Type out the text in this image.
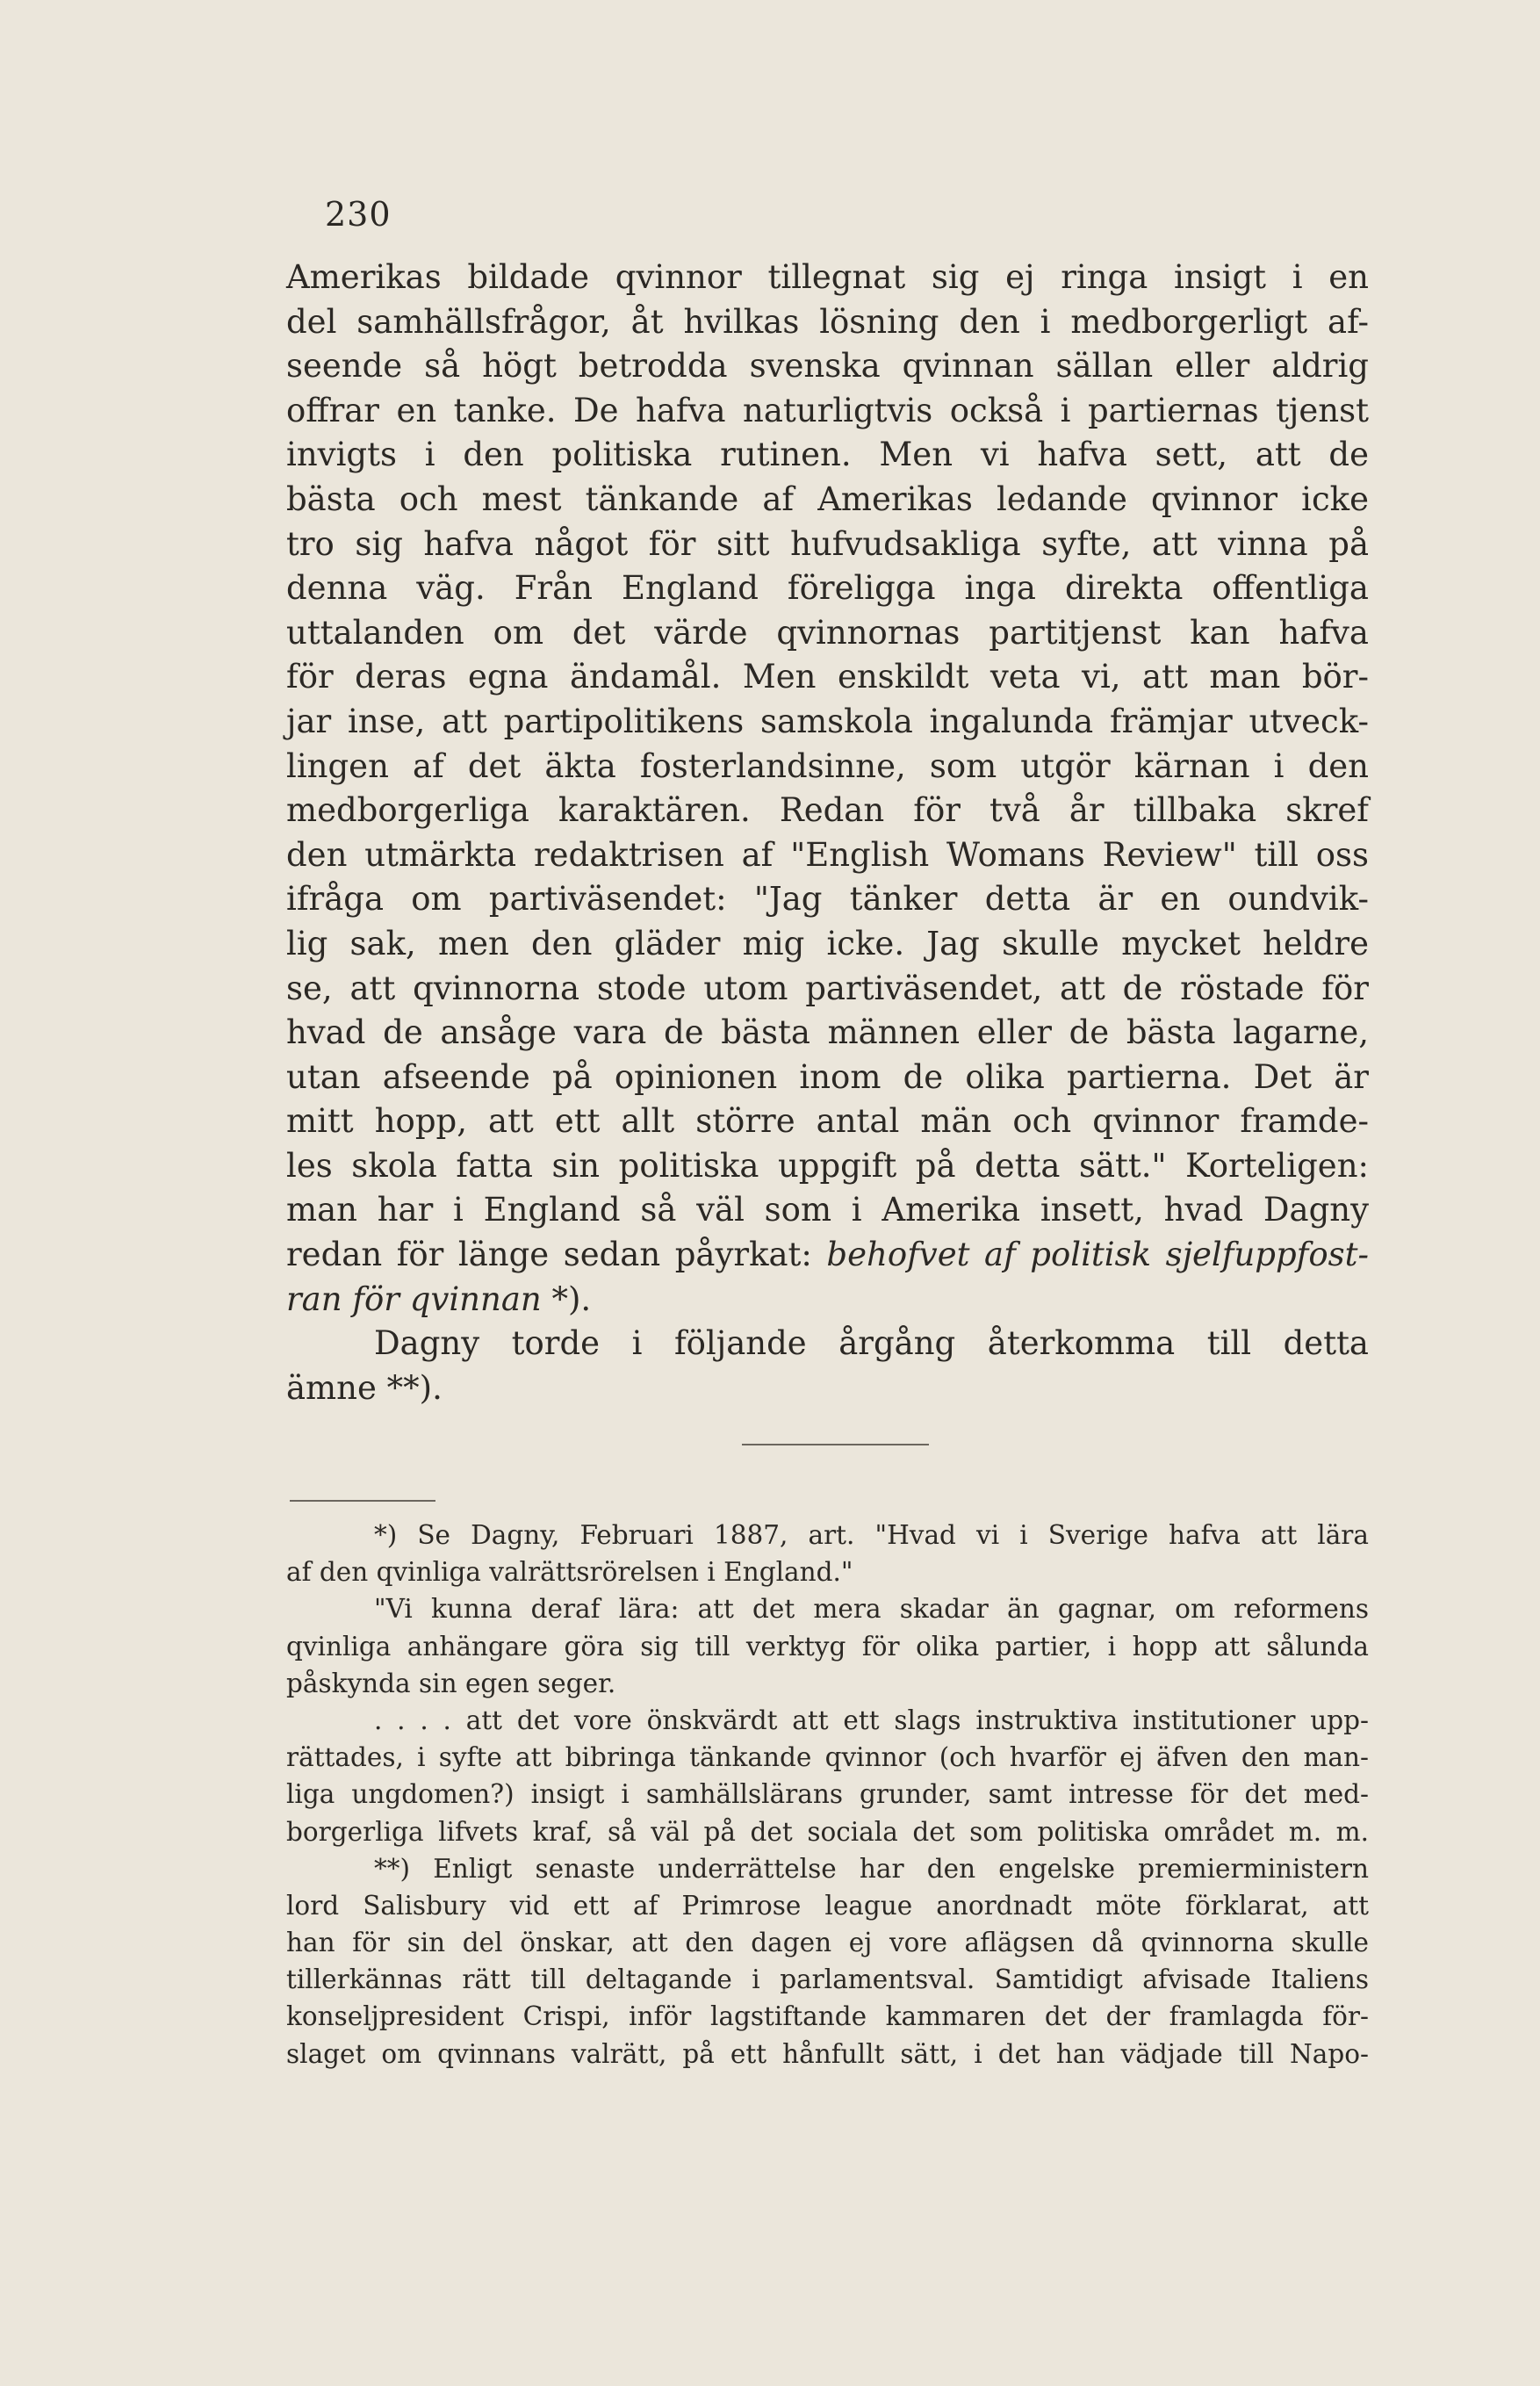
230
Amerikas bildade qvinnor tillegnat sig ej ringa insigt i en
del samhällsfrågor, åt hvilkas lösning den i medborgerligt af-
seende så högt betrodda svenska qvinnan sällan eller aldrig
offrar en tanke. De hafva naturligtvis också i partiernas tjenst
invigts i den politiska rutinen. Men vi hafva sett, att de
bästa och mest tänkande af Amerikas ledande qvinnor icke
tro sig hafva något för sitt hufvudsakliga syfte, att vinna på
denna väg. Från England föreligga inga direkta offentliga
uttalanden om det värde qvinnornas partitjenst kan hafva
för deras egna ändamål. Men enskildt veta vi, att man bör-
jar inse, att partipolitikens samskola ingalunda främjar utveck-
lingen af det äkta fosterlandsinne, som utgör kärnan i den
medborgerliga karaktären. Redan för två år tillbaka skref
den utmärkta redaktrisen af "English Womans Review" till oss
ifråga om partiväsendet: "Jag tänker detta är en oundvik-
lig sak, men den gläder mig icke. Jag skulle mycket heldre
se, att qvinnorna stode utom partiväsendet, att de röstade för
hvad de ansåge vara de bästa männen eller de bästa lagarne,
utan afseende på opinionen inom de olika partierna. Det är
mitt hopp, att ett allt större antal män och qvinnor framde-
les skola fatta sin politiska uppgift på detta sätt." Korteligen:
man har i England så väl som i Amerika insett, hvad Dagny
redan för länge sedan påyrkat: behofvet af politisk sjelfuppfost-
ran för qvinnan *).
Dagny torde i följande årgång återkomma till detta
ämne **).
*) Se Dagny, Februari 1887, art. "Hvad vi i Sverige hafva att lära
af den qvinliga valrättsrörelsen i England."
"Vi kunna deraf lära: att det mera skadar än gagnar, om reformens
qvinliga anhängare göra sig till verktyg för olika partier, i hopp att sålunda
påskynda sin egen seger.
. . . . att det vore önskvärdt att ett slags instruktiva institutioner upp-
rättades, i syfte att bibringa tänkande qvinnor (och hvarför ej äfven den man-
liga ungdomen?) insigt i samhällslärans grunder, samt intresse för det med-
borgerliga lifvets kraf, så väl på det sociala det som politiska området m. m.
**) Enligt senaste underrättelse har den engelske premierministern
lord Salisbury vid ett af Primrose league anordnadt möte förklarat, att
han för sin del önskar, att den dagen ej vore aflägsen då qvinnorna skulle
tillerkännas rätt till deltagande i parlamentsval. Samtidigt afvisade Italiens
konseljpresident Crispi, inför lagstiftande kammaren det der framlagda för-
slaget om qvinnans valrätt, på ett hånfullt sätt, i det han vädjade till Napo-
